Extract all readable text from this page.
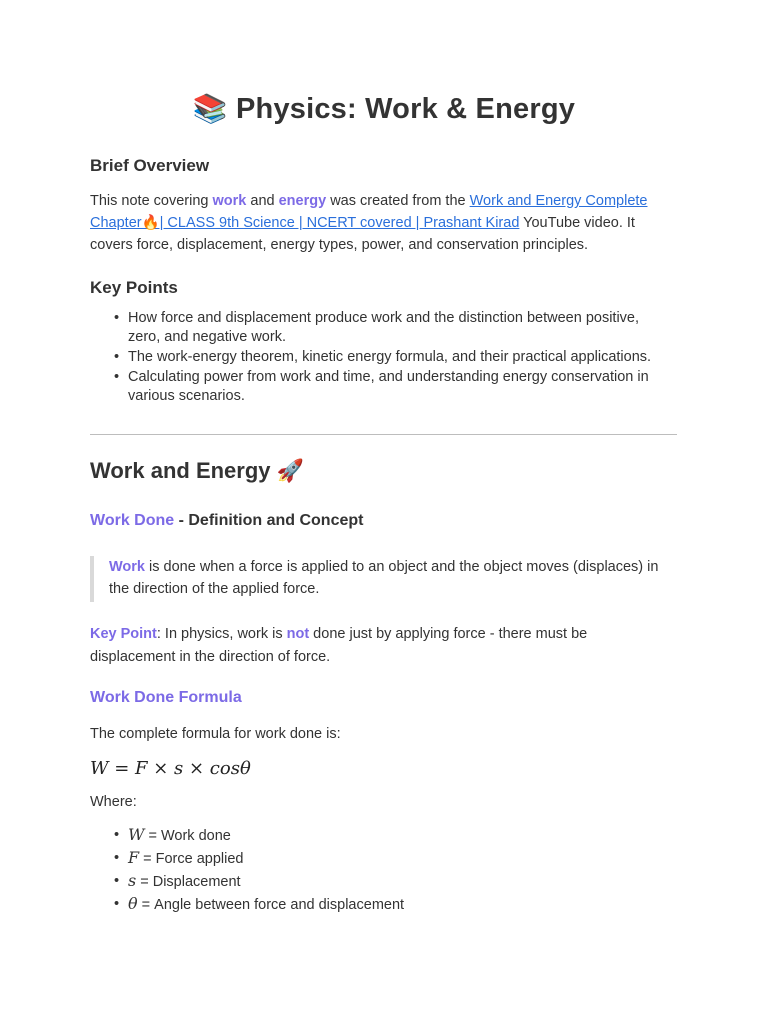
📚 Physics: Work & Energy
Brief Overview

This note covering work and energy was created from the Work and Energy Complete Chapter🔥| CLASS 9th Science | NCERT covered | Prashant Kirad YouTube video. It covers force, displacement, energy types, power, and conservation principles.

Key Points
• How force and displacement produce work and the distinction between positive, zero, and negative work.
• The work-energy theorem, kinetic energy formula, and their practical applications.
• Calculating power from work and time, and understanding energy conservation in various scenarios.
Work and Energy 🚀
Work Done - Definition and Concept
Work is done when a force is applied to an object and the object moves (displaces) in the direction of the applied force.

Key Point: In physics, work is not done just by applying force - there must be displacement in the direction of force.

Work Done Formula

The complete formula for work done is:

W = F × s × cosθ

Where:

• W = Work done
• F = Force applied
• s = Displacement
• θ = Angle between force and displacement
